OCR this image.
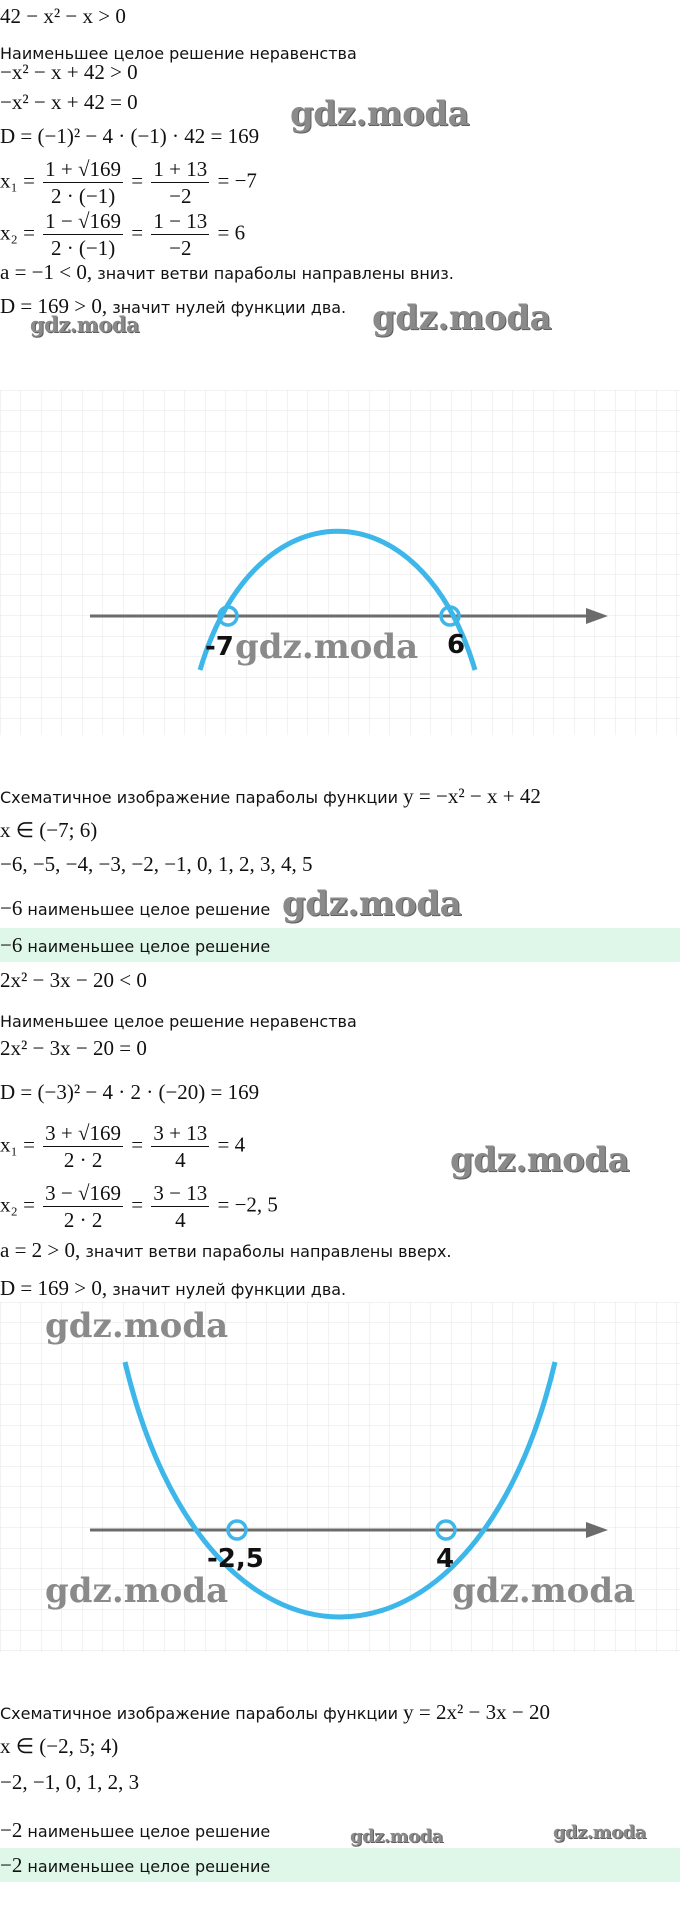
42 − x² − x > 0
Наименьшее целое решение неравенства
−x² − x + 42 > 0
−x² − x + 42 = 0
D = (−1)² − 4 · (−1) · 42 = 169
$x_1 = \frac{1 + √169}{2 \cdot (-1)} = \frac{1 + 13}{-2} = -7$
$x_2 = \frac{1 - √169}{2 \cdot (-1)} = \frac{1 - 13}{-2} = 6$
a = −1 < 0, значит ветви параболы направлены вниз.
D = 169 > 0, значит нулей функции два.
gdz.moda
gdz.moda	gdz.moda
-7	6
gdz.moda
Схематичное изображение параболы функции y = −x² − x + 42
x ∈ (−7; 6)
−6, −5, −4, −3, −2, −1, 0, 1, 2, 3, 4, 5
−6 наименьшее целое решение gdz.moda
−6 наименьшее целое решение
2x² − 3x − 20 < 0
Наименьшее целое решение неравенства
2x² − 3x − 20 = 0
D = (−3)² − 4 · 2 · (−20) = 169
$x_1 = \frac{3 + √169}{2 \cdot 2} = \frac{3 + 13}{4} = 4$
$x_2 = \frac{3 - √169}{2 \cdot 2} = \frac{3 - 13}{4} = -2$, 5
gdz.moda
a = 2 > 0, значит ветви параболы направлены вверх.
D = 169 > 0, значит нулей функции два.
-2,5	4
gdz.moda
gdz.moda	gdz.moda
Схематичное изображение параболы функции y = 2x² − 3x − 20
x ∈ (−2, 5; 4)
−2, −1, 0, 1, 2, 3
−2 наименьшее целое решение	gdz.moda	gdz.moda
−2 наименьшее целое решение
